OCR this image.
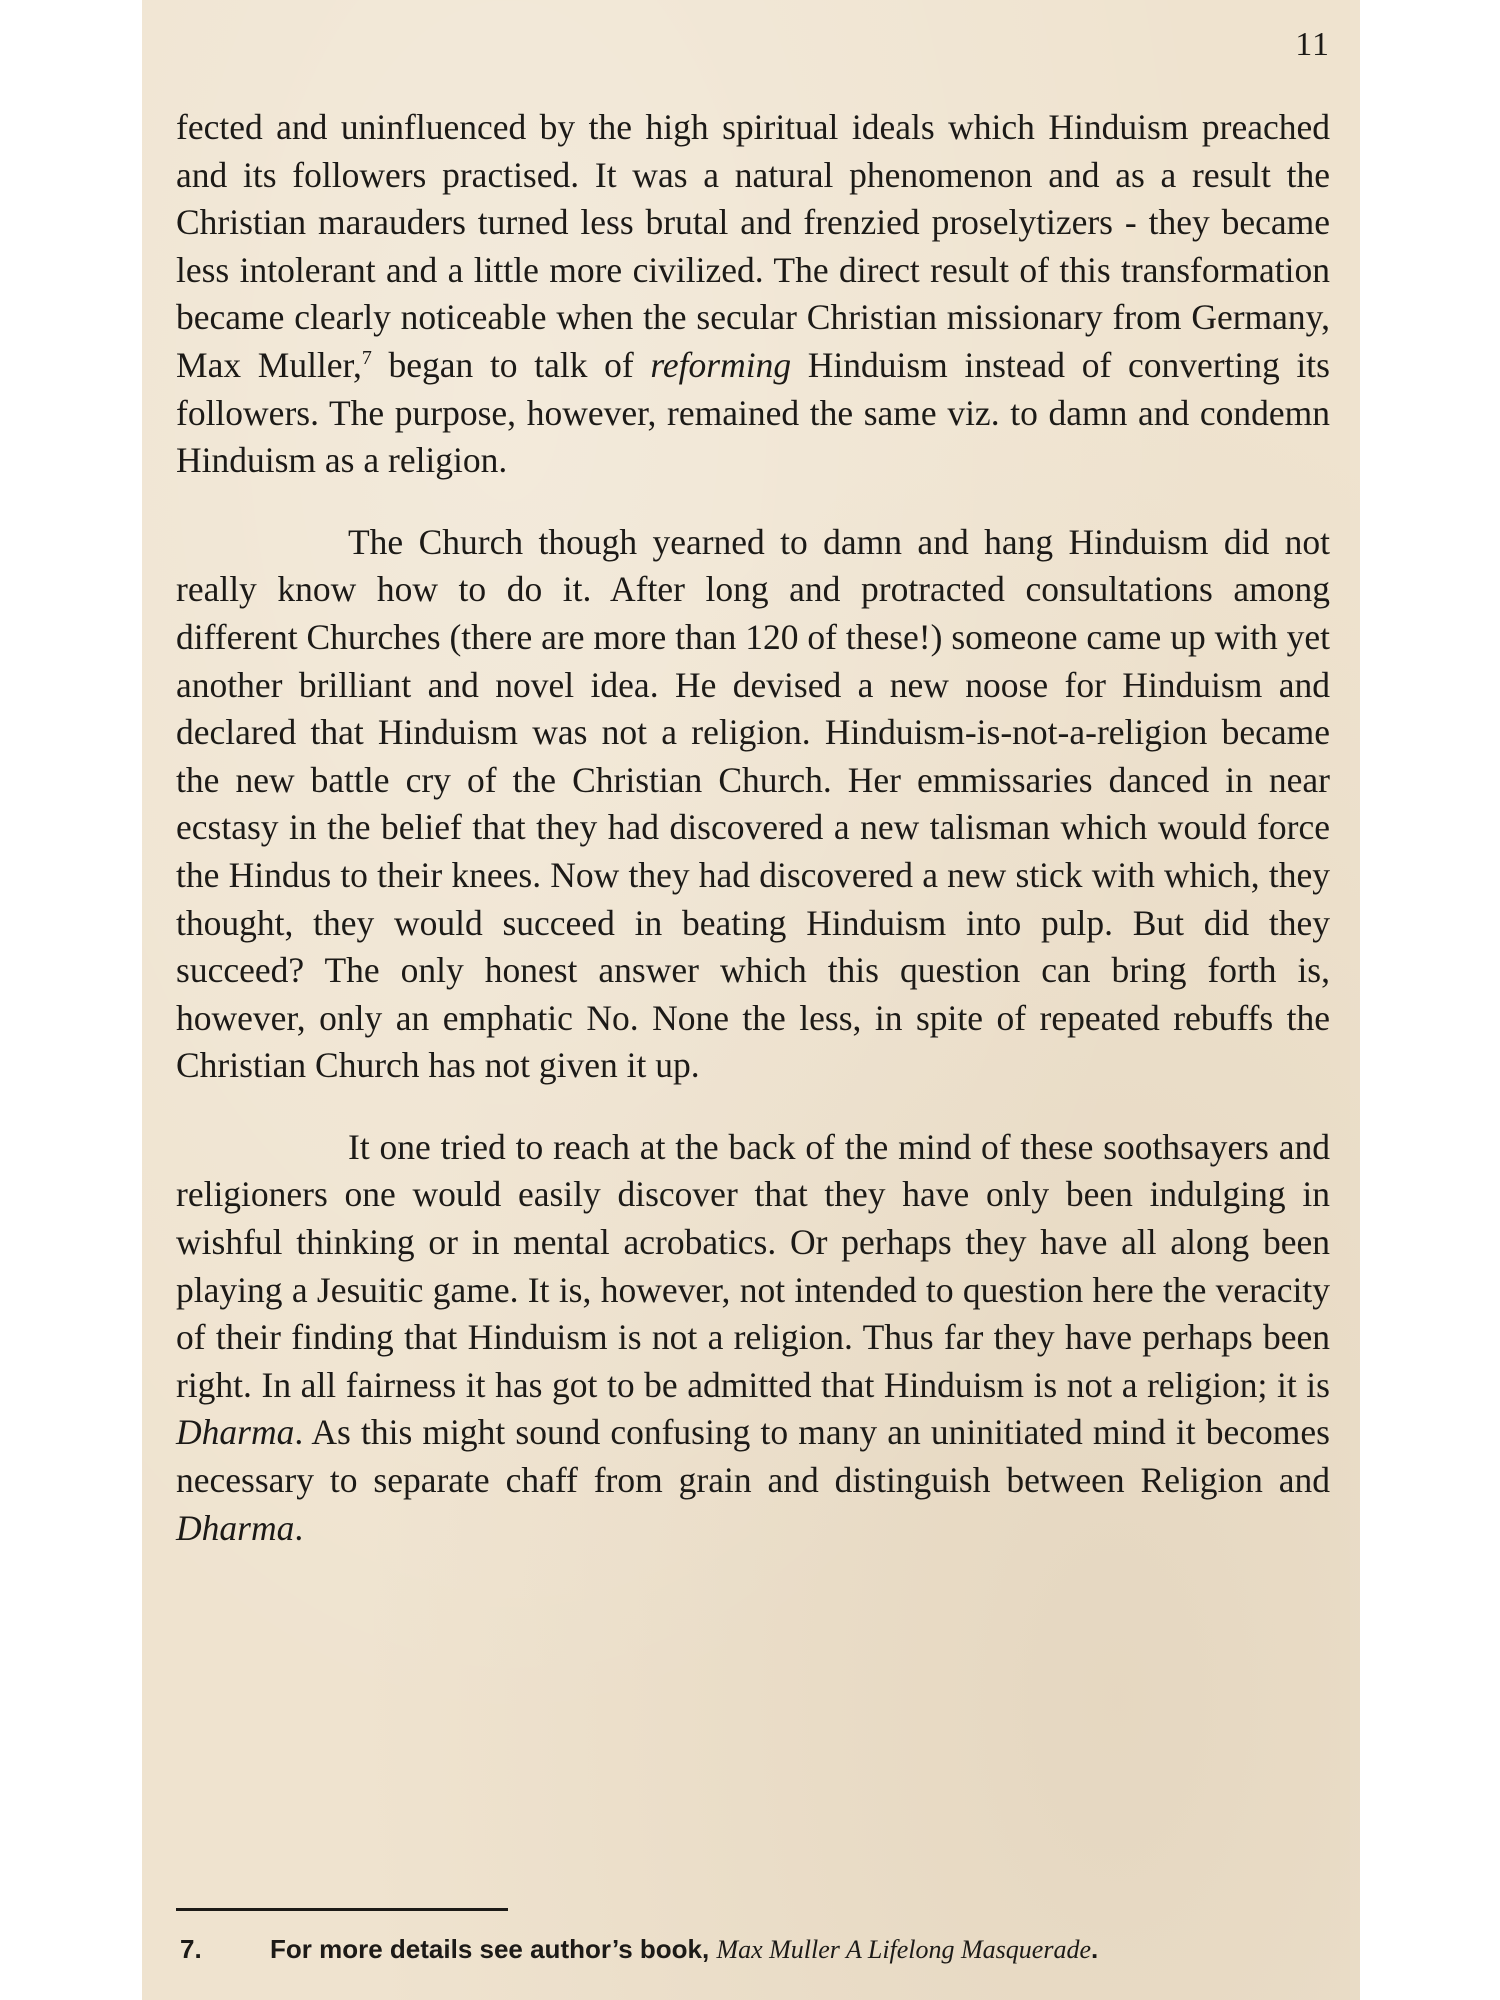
11

fected and uninfluenced by the high spiritual ideals which Hinduism preached and its followers practised. It was a natural phenomenon and as a result the Christian marauders turned less brutal and frenzied proselytizers - they became less intolerant and a little more civilized. The direct result of this transformation became clearly noticeable when the secular Christian missionary from Germany, Max Muller,$^7$ began to talk of reforming Hinduism instead of converting its followers. The purpose, however, remained the same viz. to damn and condemn Hinduism as a religion.

The Church though yearned to damn and hang Hinduism did not really know how to do it. After long and protracted consultations among different Churches (there are more than 120 of these!) someone came up with yet another brilliant and novel idea. He devised a new noose for Hinduism and declared that Hinduism was not a religion. Hinduism-is-not-a-religion became the new battle cry of the Christian Church. Her emmissaries danced in near ecstasy in the belief that they had discovered a new talisman which would force the Hindus to their knees. Now they had discovered a new stick with which, they thought, they would succeed in beating Hinduism into pulp. But did they succeed? The only honest answer which this question can bring forth is, however, only an emphatic No. None the less, in spite of repeated rebuffs the Christian Church has not given it up.

It one tried to reach at the back of the mind of these soothsayers and religioners one would easily discover that they have only been indulging in wishful thinking or in mental acrobatics. Or perhaps they have all along been playing a Jesuitic game. It is, however, not intended to question here the veracity of their finding that Hinduism is not a religion. Thus far they have perhaps been right. In all fairness it has got to be admitted that Hinduism is not a religion; it is Dharma. As this might sound confusing to many an uninitiated mind it becomes necessary to separate chaff from grain and distinguish between Religion and Dharma.

7.	For more details see author’s book, Max Muller A Lifelong Masquerade.
